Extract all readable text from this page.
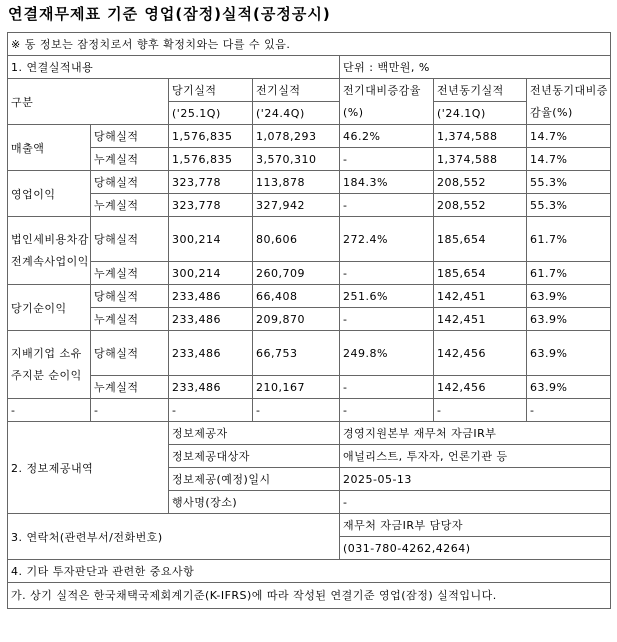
연결재무제표 기준 영업(잠정)실적(공정공시)
※ 동 정보는 잠정치로서 향후 확정치와는 다를 수 있음.						
1. 연결실적내용				단위 : 백만원, %		
구분		당기실적	전기실적	전기대비증감율(%)	전년동기실적	전년동기대비증감율(%)
		('25.1Q)	('24.4Q)		('24.1Q)	
매출액	당해실적	1,576,835	1,078,293	46.2%	1,374,588	14.7%
	누계실적	1,576,835	3,570,310	-	1,374,588	14.7%
영업이익	당해실적	323,778	113,878	184.3%	208,552	55.3%
	누계실적	323,778	327,942	-	208,552	55.3%
법인세비용차감전계속사업이익	당해실적	300,214	80,606	272.4%	185,654	61.7%
	누계실적	300,214	260,709	-	185,654	61.7%
당기순이익	당해실적	233,486	66,408	251.6%	142,451	63.9%
	누계실적	233,486	209,870	-	142,451	63.9%
지배기업 소유주지분 순이익	당해실적	233,486	66,753	249.8%	142,456	63.9%
	누계실적	233,486	210,167	-	142,456	63.9%
-	-	-	-	-	-	-
2. 정보제공내역		정보제공자		경영지원본부 재무처 자금IR부		
		정보제공대상자		애널리스트, 투자자, 언론기관 등		
		정보제공(예정)일시		2025-05-13		
		행사명(장소)		-		
3. 연락처(관련부서/전화번호)				재무처 자금IR부 담당자		
				(031-780-4262,4264)		
4. 기타 투자판단과 관련한 중요사항						
가. 상기 실적은 한국채택국제회계기준(K-IFRS)에 따라 작성된 연결기준 영업(잠정) 실적입니다.						
